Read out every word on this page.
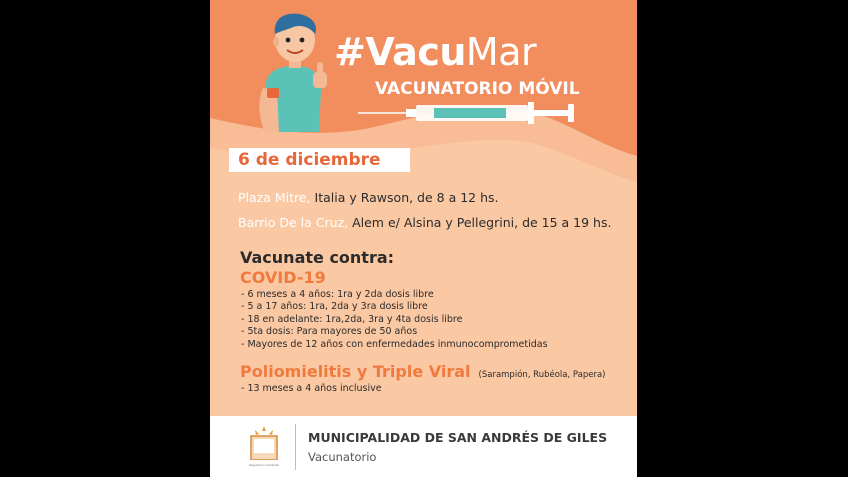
#VacuMar
VACUNATORIO MÓVIL
6 de diciembre
Plaza Mitre, Italia y Rawson, de 8 a 12 hs.
Barrio De la Cruz, Alem e/ Alsina y Pellegrini, de 15 a 19 hs.
Vacunate contra:
COVID-19
- 6 meses a 4 años: 1ra y 2da dosis libre
- 5 a 17 años: 1ra, 2da y 3ra dosis libre
- 18 en adelante: 1ra,2da, 3ra y 4ta dosis libre
- 5ta dosis: Para mayores de 50 años
- Mayores de 12 años con enfermedades inmunocomprometidas
Poliomielitis y Triple Viral (Sarampión, Rubéola, Papera)
- 13 meses a 4 años inclusive
Seguimos creciendo
MUNICIPALIDAD DE SAN ANDRÉS DE GILES
Vacunatorio
